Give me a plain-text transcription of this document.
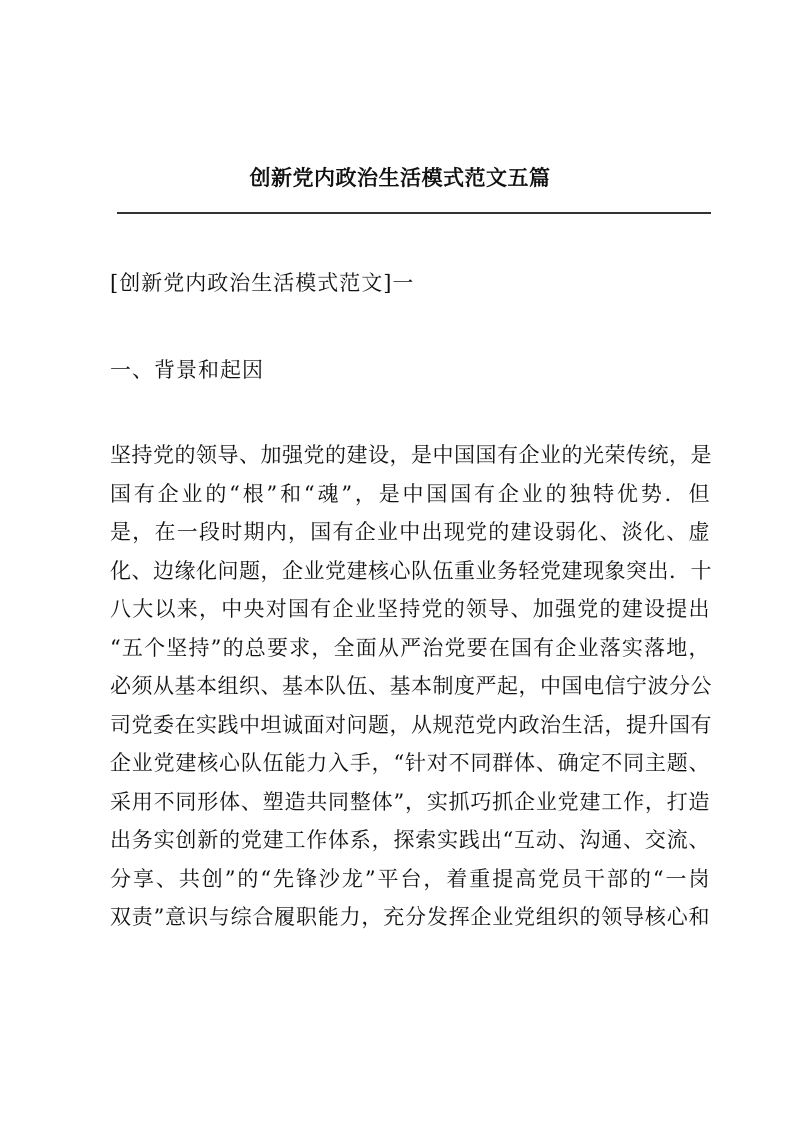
创新党内政治生活模式范文五篇
[创新党内政治生活模式范文]一
一、背景和起因
坚持党的领导、加强党的建设，是中国国有企业的光荣传统，是
国有企业的“根”和“魂”，是中国国有企业的独特优势．但
是，在一段时期内，国有企业中出现党的建设弱化、淡化、虚
化、边缘化问题，企业党建核心队伍重业务轻党建现象突出．十
八大以来，中央对国有企业坚持党的领导、加强党的建设提出
“五个坚持”的总要求，全面从严治党要在国有企业落实落地，
必须从基本组织、基本队伍、基本制度严起，中国电信宁波分公
司党委在实践中坦诚面对问题，从规范党内政治生活，提升国有
企业党建核心队伍能力入手，“针对不同群体、确定不同主题、
采用不同形体、塑造共同整体”，实抓巧抓企业党建工作，打造
出务实创新的党建工作体系，探索实践出“互动、沟通、交流、
分享、共创”的“先锋沙龙”平台，着重提高党员干部的“一岗
双责”意识与综合履职能力，充分发挥企业党组织的领导核心和
